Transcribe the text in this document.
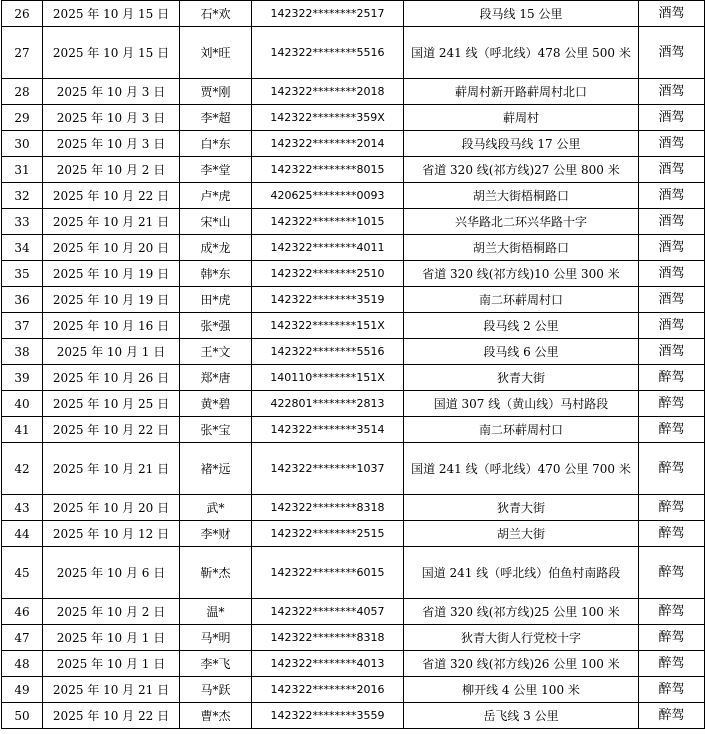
26	2025 年 10 月 15 日	石*欢	142322********2517	段马线 15 公里	酒驾
27	2025 年 10 月 15 日	刘*旺	142322********5516	国道 241 线（呼北线）478 公里 500 米	酒驾
28	2025 年 10 月 3 日	贾*刚	142322********2018	蓒周村新开路蓒周村北口	酒驾
29	2025 年 10 月 3 日	李*超	142322********359X	蓒周村	酒驾
30	2025 年 10 月 3 日	白*东	142322********2014	段马线段马线 17 公里	酒驾
31	2025 年 10 月 2 日	李*堂	142322********8015	省道 320 线(祁方线)27 公里 800 米	酒驾
32	2025 年 10 月 22 日	卢*虎	420625********0093	胡兰大街梧桐路口	酒驾
33	2025 年 10 月 21 日	宋*山	142322********1015	兴华路北二环兴华路十字	酒驾
34	2025 年 10 月 20 日	成*龙	142322********4011	胡兰大街梧桐路口	酒驾
35	2025 年 10 月 19 日	韩*东	142322********2510	省道 320 线(祁方线)10 公里 300 米	酒驾
36	2025 年 10 月 19 日	田*虎	142322********3519	南二环蓒周村口	酒驾
37	2025 年 10 月 16 日	张*强	142322********151X	段马线 2 公里	酒驾
38	2025 年 10 月 1 日	王*文	142322********5516	段马线 6 公里	酒驾
39	2025 年 10 月 26 日	郑*唐	140110********151X	狄青大街	醉驾
40	2025 年 10 月 25 日	黄*碧	422801********2813	国道 307 线（黄山线）马村路段	醉驾
41	2025 年 10 月 22 日	张*宝	142322********3514	南二环蓒周村口	醉驾
42	2025 年 10 月 21 日	褚*远	142322********1037	国道 241 线（呼北线）470 公里 700 米	醉驾
43	2025 年 10 月 20 日	武*	142322********8318	狄青大街	醉驾
44	2025 年 10 月 12 日	李*财	142322********2515	胡兰大街	醉驾
45	2025 年 10 月 6 日	靳*杰	142322********6015	国道 241 线（呼北线）伯鱼村南路段	醉驾
46	2025 年 10 月 2 日	温*	142322********4057	省道 320 线(祁方线)25 公里 100 米	醉驾
47	2025 年 10 月 1 日	马*明	142322********8318	狄青大街人行党校十字	醉驾
48	2025 年 10 月 1 日	李*飞	142322********4013	省道 320 线(祁方线)26 公里 100 米	醉驾
49	2025 年 10 月 21 日	马*跃	142322********2016	柳开线 4 公里 100 米	醉驾
50	2025 年 10 月 22 日	曹*杰	142322********3559	岳飞线 3 公里	醉驾
